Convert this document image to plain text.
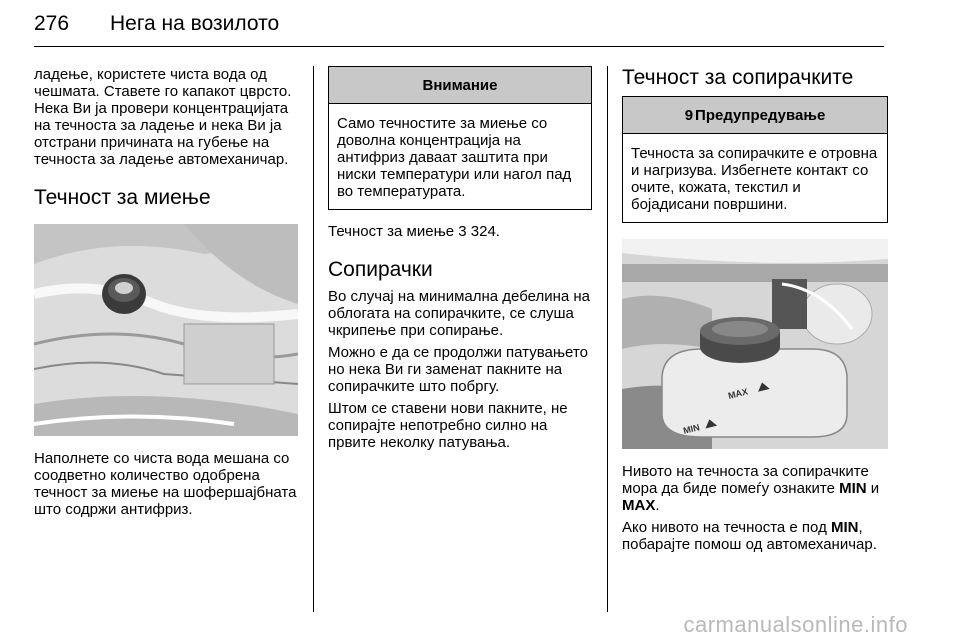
276 Нега на возилото

ладење, користете чиста вода од чешмата. Ставете го капакот цврсто. Нека Ви ја провери концентрацијата на течноста за ладење и нека Ви ја отстрани причината на губење на течноста за ладење автомеханичар.

Течност за миење

Наполнете со чиста вода мешана со соодветно количество одобрена течност за миење на шофершајбната што содржи антифриз.

Внимание
Само течностите за миење со доволна концентрација на антифриз даваат заштита при ниски температури или нагол пад во температурата.

Течност за миење 3 324.

Сопирачки

Во случај на минимална дебелина на облогата на сопирачките, се слуша чкрипење при сопирање.

Можно е да се продолжи патувањето но нека Ви ги заменат пакните на сопирачките што побргу.

Штом се ставени нови пакните, не сопирајте непотребно силно на првите неколку патувања.

Течност за сопирачките
9 Предупредување
Течноста за сопирачките е отровна и нагризува. Избегнете контакт со очите, кожата, текстил и бојадисани површини.
MAX
MIN

Нивото на течноста за сопирачките мора да биде помеѓу ознаките MIN и MAX.

Ако нивото на течноста е под MIN, побарајте помош од автомеханичар.

carmanualsonline.info
